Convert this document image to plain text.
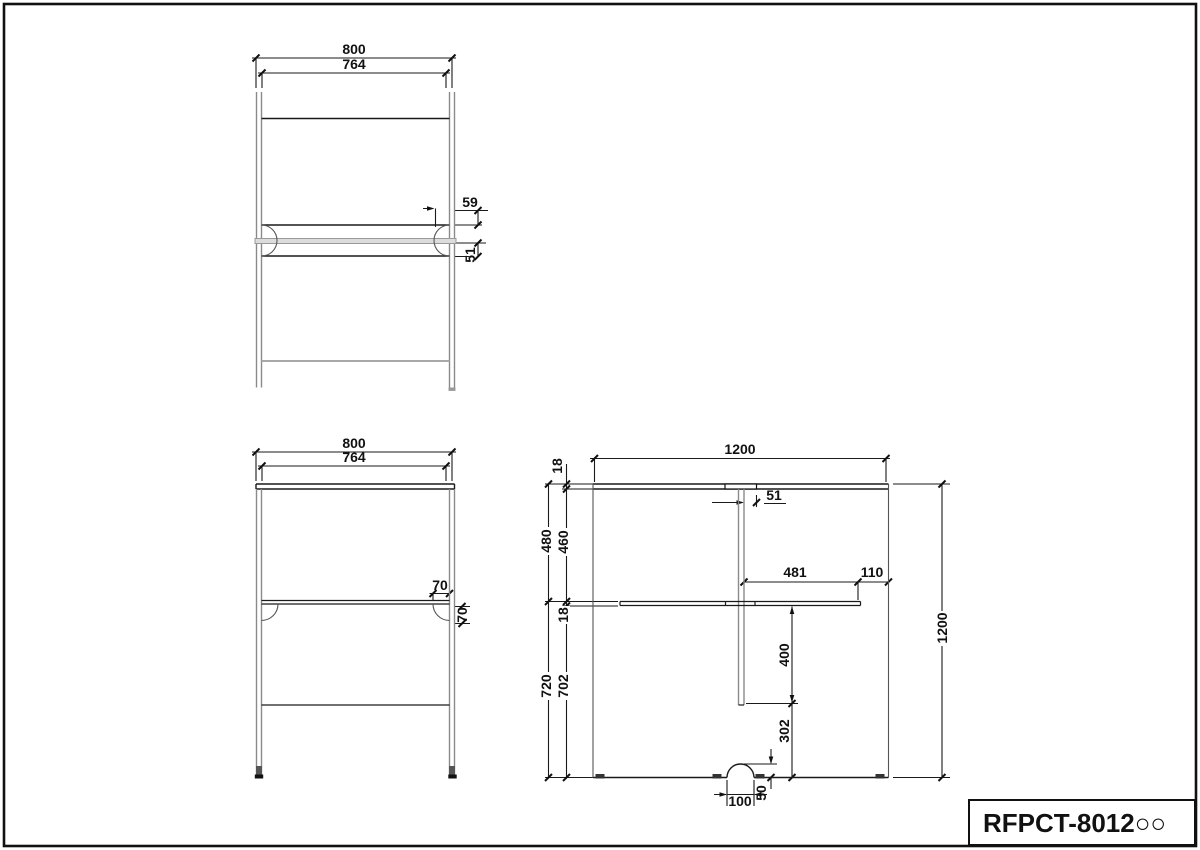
800
764
59
51
800
764
70
70
1200
18
51
480 460
481	110
18
400
720 702
302
1200
100 50
RFPCT-8012○○
